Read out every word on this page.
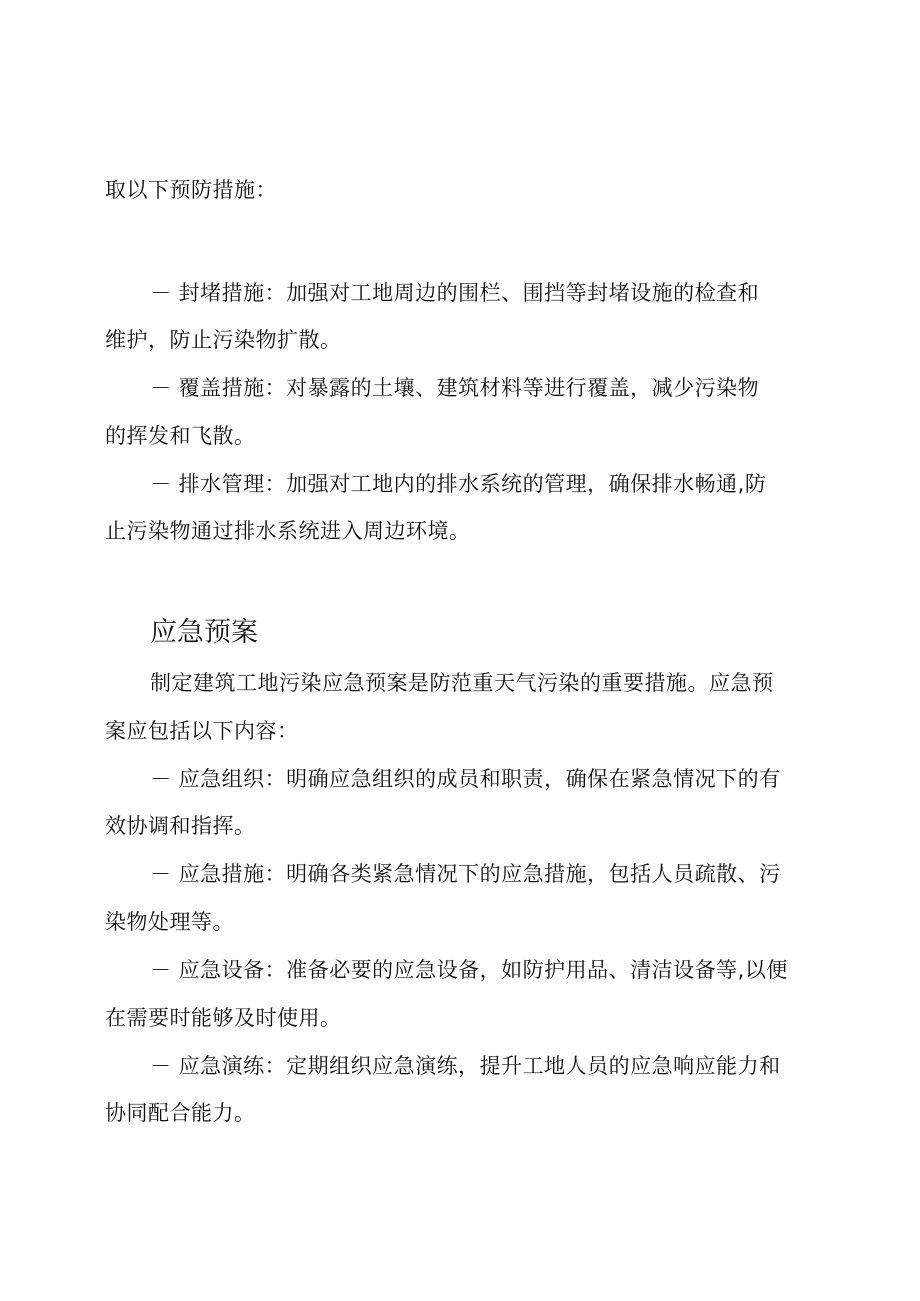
取以下预防措施：
－ 封堵措施：加强对工地周边的围栏、围挡等封堵设施的检查和
维护，防止污染物扩散。
－ 覆盖措施：对暴露的土壤、建筑材料等进行覆盖，减少污染物
的挥发和飞散。
－ 排水管理：加强对工地内的排水系统的管理，确保排水畅通,防
止污染物通过排水系统进入周边环境。
应急预案
制定建筑工地污染应急预案是防范重天气污染的重要措施。应急预
案应包括以下内容：
－ 应急组织：明确应急组织的成员和职责，确保在紧急情况下的有
效协调和指挥。
－ 应急措施：明确各类紧急情况下的应急措施，包括人员疏散、污
染物处理等。
－ 应急设备：准备必要的应急设备，如防护用品、清洁设备等,以便
在需要时能够及时使用。
－ 应急演练：定期组织应急演练，提升工地人员的应急响应能力和
协同配合能力。
